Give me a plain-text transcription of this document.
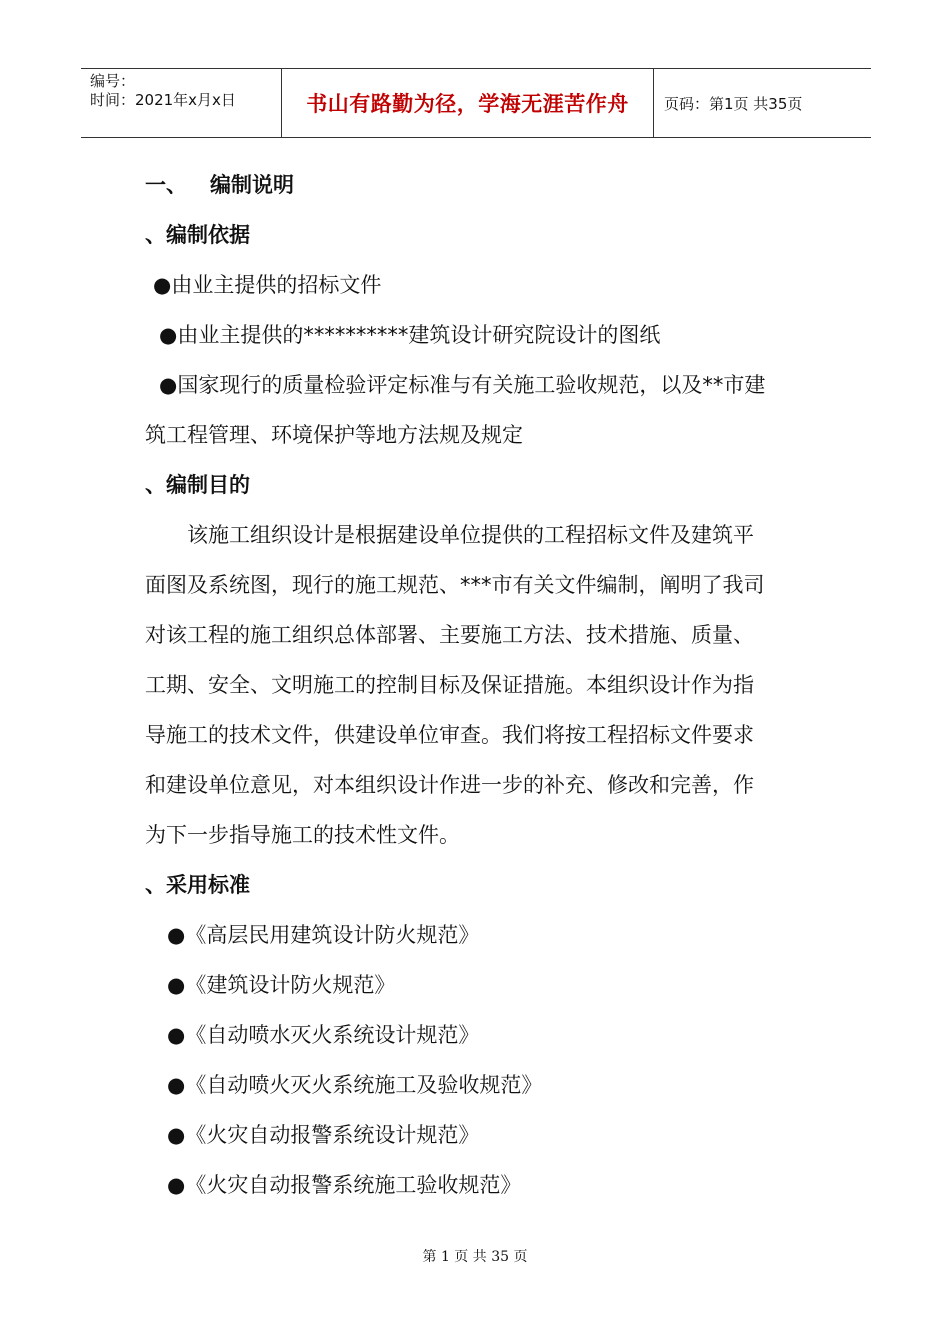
编号：
时间：2021年x月x日	书山有路勤为径，学海无涯苦作舟 页码：第1页 共35页
一、 编制说明
、编制依据
●由业主提供的招标文件
●由业主提供的**********建筑设计研究院设计的图纸
●国家现行的质量检验评定标准与有关施工验收规范，以及**市建
筑工程管理、环境保护等地方法规及规定
、编制目的
该施工组织设计是根据建设单位提供的工程招标文件及建筑平
面图及系统图，现行的施工规范、***市有关文件编制，阐明了我司
对该工程的施工组织总体部署、主要施工方法、技术措施、质量、
工期、安全、文明施工的控制目标及保证措施。本组织设计作为指
导施工的技术文件，供建设单位审查。我们将按工程招标文件要求
和建设单位意见，对本组织设计作进一步的补充、修改和完善，作
为下一步指导施工的技术性文件。
、采用标准
●《高层民用建筑设计防火规范》
●《建筑设计防火规范》
●《自动喷水灭火系统设计规范》
●《自动喷火灭火系统施工及验收规范》
●《火灾自动报警系统设计规范》
●《火灾自动报警系统施工验收规范》
第 1 页 共 35 页
